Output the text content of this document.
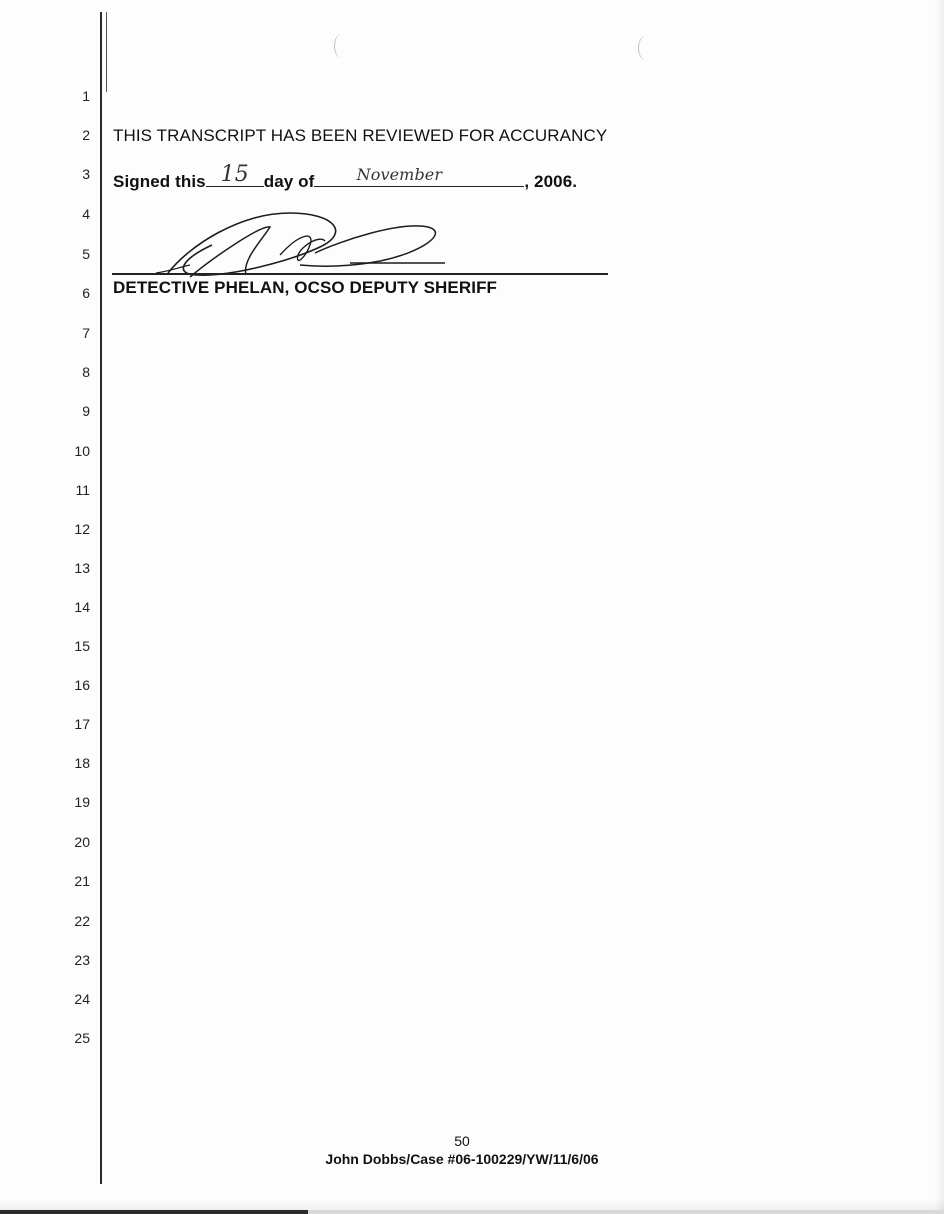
1
2
3
4
5
6
7
8
9
10
11
12
13
14
15
16
17
18
19
20
21
22
23
24
25
THIS TRANSCRIPT HAS BEEN REVIEWED FOR ACCURANCY
Signed this 15 day of	November	, 2006.
DETECTIVE PHELAN, OCSO DEPUTY SHERIFF
50
John Dobbs/Case #06-100229/YW/11/6/06
